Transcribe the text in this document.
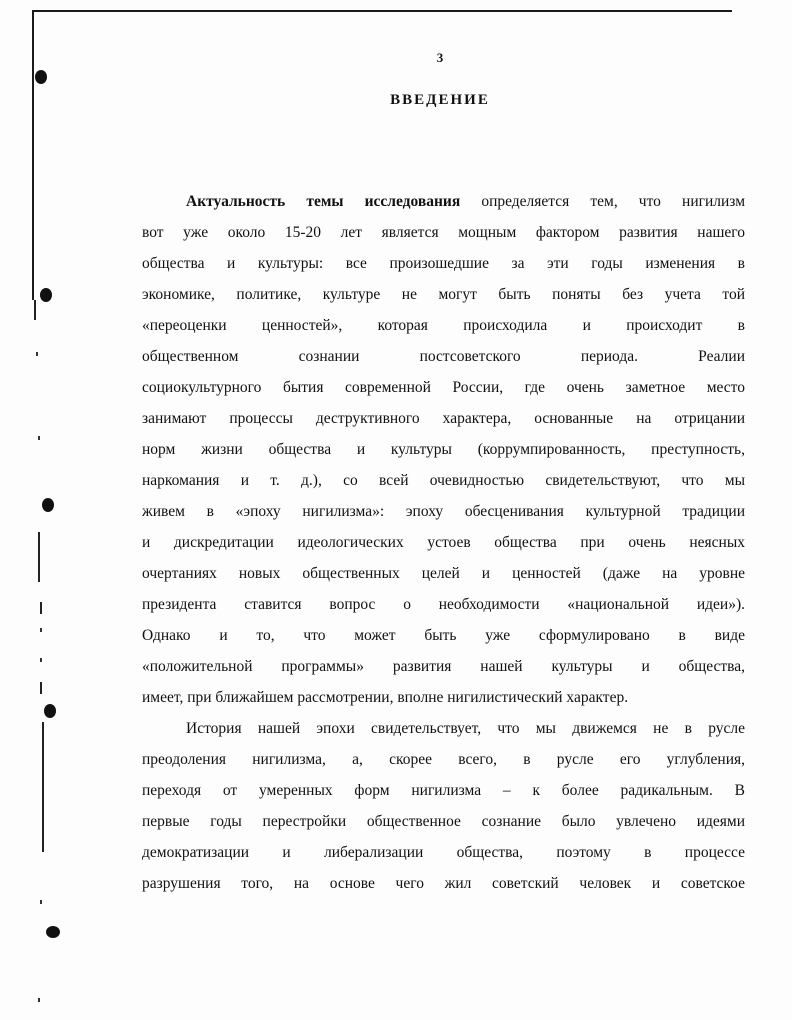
3
ВВЕДЕНИЕ
Актуальность темы исследования определяется тем, что нигилизм
вот уже около 15-20 лет является мощным фактором развития нашего
общества и культуры: все произошедшие за эти годы изменения в
экономике, политике, культуре не могут быть поняты без учета той
«переоценки ценностей», которая происходила и происходит в
общественном сознании постсоветского периода. Реалии
социокультурного бытия современной России, где очень заметное место
занимают процессы деструктивного характера, основанные на отрицании
норм жизни общества и культуры (коррумпированность, преступность,
наркомания и т. д.), со всей очевидностью свидетельствуют, что мы
живем в «эпоху нигилизма»: эпоху обесценивания культурной традиции
и дискредитации идеологических устоев общества при очень неясных
очертаниях новых общественных целей и ценностей (даже на уровне
президента ставится вопрос о необходимости «национальной идеи»).
Однако и то, что может быть уже сформулировано в виде
«положительной программы» развития нашей культуры и общества,
имеет, при ближайшем рассмотрении, вполне нигилистический характер.
История нашей эпохи свидетельствует, что мы движемся не в русле
преодоления нигилизма, а, скорее всего, в русле его углубления,
переходя от умеренных форм нигилизма – к более радикальным. В
первые годы перестройки общественное сознание было увлечено идеями
демократизации и либерализации общества, поэтому в процессе
разрушения того, на основе чего жил советский человек и советское
